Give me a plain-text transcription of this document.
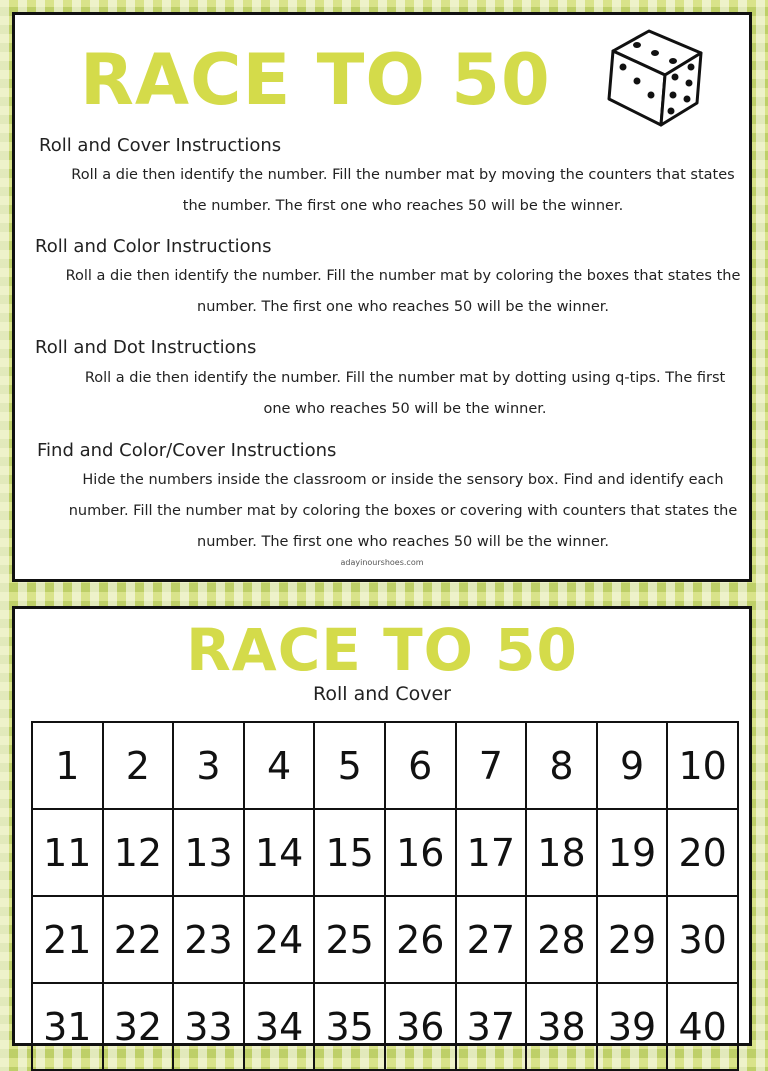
RACE TO 50
Roll and Cover Instructions

Roll a die then identify the number. Fill the number mat by moving the counters that states the number. The first one who reaches 50 will be the winner.

Roll and Color Instructions

Roll a die then identify the number. Fill the number mat by coloring the boxes that states the number. The first one who reaches 50 will be the winner.

Roll and Dot Instructions

Roll a die then identify the number. Fill the number mat by dotting using q-tips. The first one who reaches 50 will be the winner.

Find and Color/Cover Instructions

Hide the numbers inside the classroom or inside the sensory box. Find and identify each number. Fill the number mat by coloring the boxes or covering with counters that states the number. The first one who reaches 50 will be the winner.

adayinourshoes.com
RACE TO 50
Roll and Cover
1	2	3	4	5	6	7	8	9 10
11 12 13 14 15 16 17 18 19 20
21 22 23 24 25 26 27 28 29 30
31 32 33 34 35 36 37 38 39 40
